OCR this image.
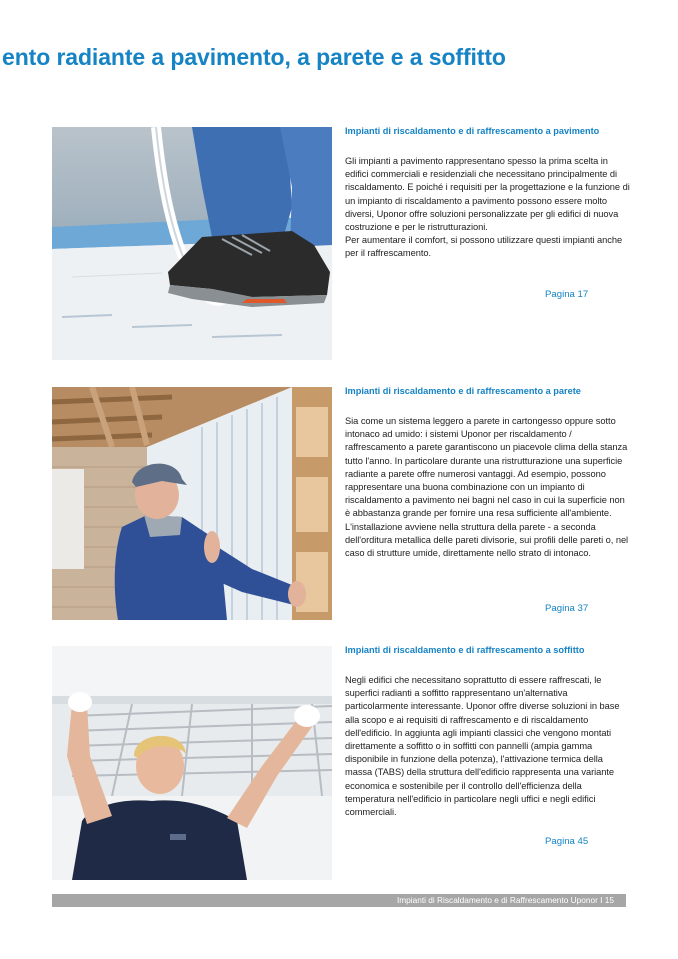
ento radiante a pavimento, a parete e a soffitto
Impianti di riscaldamento e di raffrescamento a pavimento

Gli impianti a pavimento rappresentano spesso la prima scelta in edifici commerciali e residenziali che necessitano principalmente di riscaldamento. E poiché i requisiti per la progettazione e la funzione di un impianto di riscaldamento a pavimento possono essere molto diversi, Uponor offre soluzioni personalizzate per gli edifici di nuova costruzione e per le ristrutturazioni.

Per aumentare il comfort, si possono utilizzare questi impianti anche per il raffrescamento.

Pagina 17
Impianti di riscaldamento e di raffrescamento a parete

Sia come un sistema leggero a parete in cartongesso oppure sotto intonaco ad umido: i sistemi Uponor per riscaldamento / raffrescamento a parete garantiscono un piacevole clima della stanza tutto l'anno. In particolare durante una ristrutturazione una superficie radiante a parete offre numerosi vantaggi. Ad esempio, possono rappresentare una buona combinazione con un impianto di riscaldamento a pavimento nei bagni nel caso in cui la superficie non è abbastanza grande per fornire una resa sufficiente all'ambiente. L'installazione avviene nella struttura della parete - a seconda dell'orditura metallica delle pareti divisorie, sui profili delle pareti o, nel caso di strutture umide, direttamente nello strato di intonaco.

Pagina 37
Impianti di riscaldamento e di raffrescamento a soffitto

Negli edifici che necessitano soprattutto di essere raffrescati, le superfici radianti a soffitto rappresentano un'alternativa particolarmente interessante. Uponor offre diverse soluzioni in base alla scopo e ai requisiti di raffrescamento e di riscaldamento dell'edificio. In aggiunta agli impianti classici che vengono montati direttamente a soffitto o in soffitti con pannelli (ampia gamma disponibile in funzione della potenza), l'attivazione termica della massa (TABS) della struttura dell'edificio rappresenta una variante economica e sostenibile per il controllo dell'efficienza della temperatura nell'edificio in particolare negli uffici e negli edifici commerciali.

Pagina 45
Impianti di Riscaldamento e di Raffrescamento Uponor I 15
